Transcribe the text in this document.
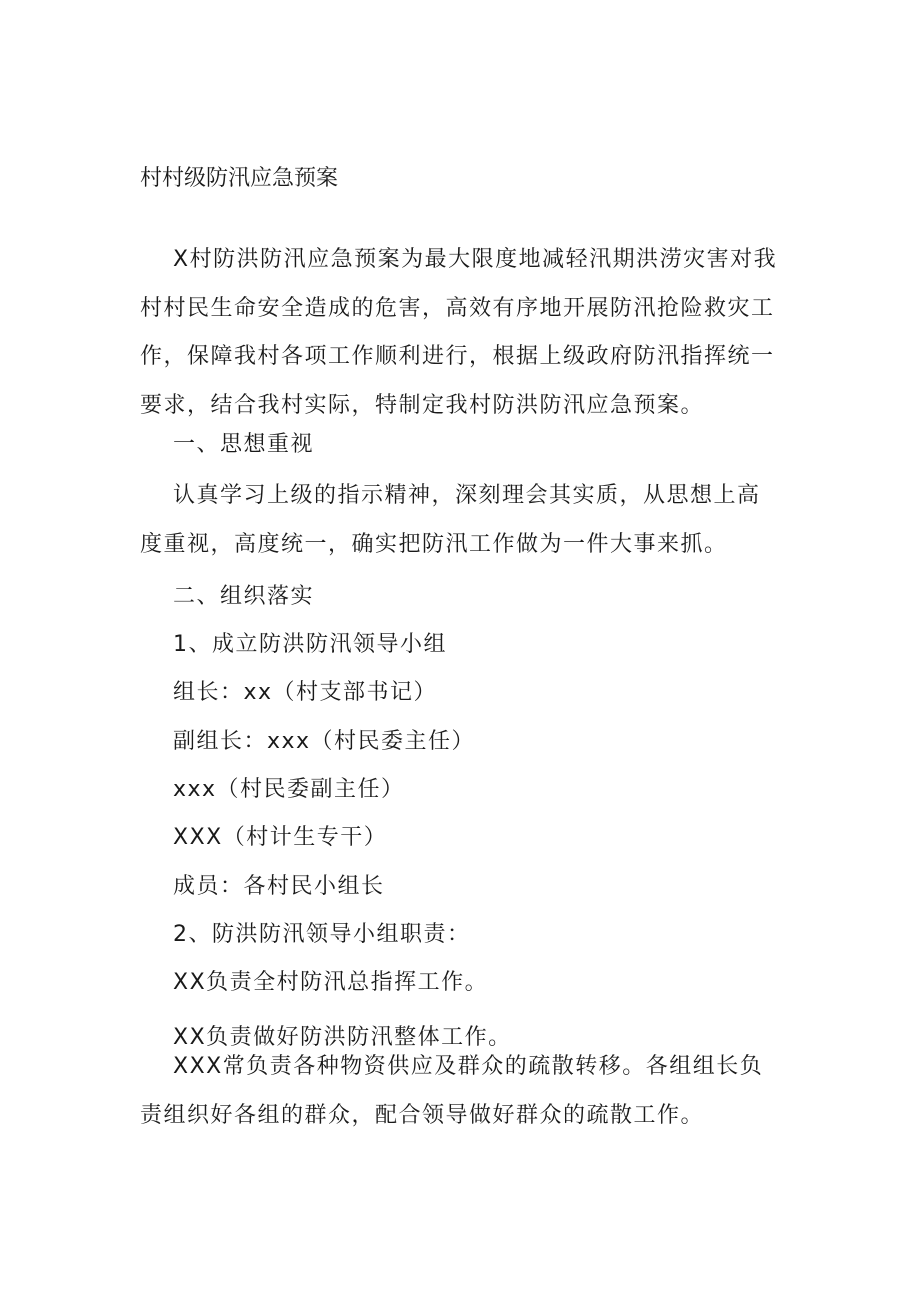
村村级防汛应急预案
X村防洪防汛应急预案为最大限度地减轻汛期洪涝灾害对我村村民生命安全造成的危害，高效有序地开展防汛抢险救灾工作，保障我村各项工作顺利进行，根据上级政府防汛指挥统一要求，结合我村实际，特制定我村防洪防汛应急预案。
一、思想重视
认真学习上级的指示精神，深刻理会其实质，从思想上高度重视，高度统一，确实把防汛工作做为一件大事来抓。
二、组织落实
1、成立防洪防汛领导小组
组长：xx（村支部书记）
副组长：xxx（村民委主任）
xxx（村民委副主任）
XXX（村计生专干）
成员：各村民小组长
2、防洪防汛领导小组职责：
XX负责全村防汛总指挥工作。
XX负责做好防洪防汛整体工作。
XXX常负责各种物资供应及群众的疏散转移。各组组长负责组织好各组的群众，配合领导做好群众的疏散工作。
